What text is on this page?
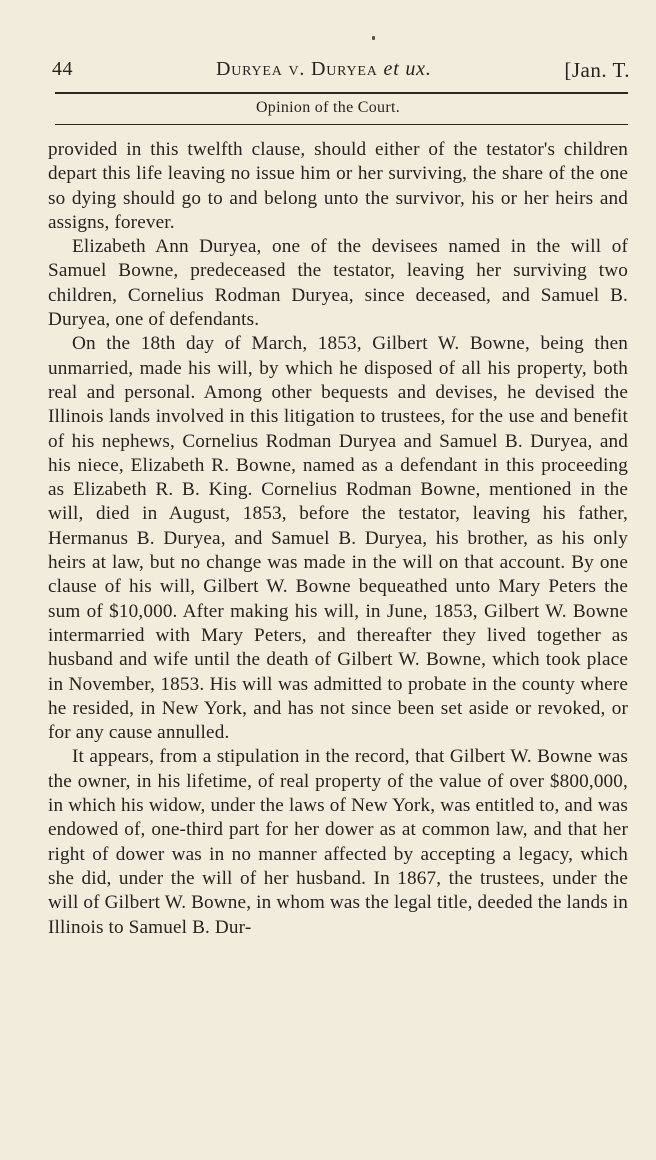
44	Duryea v. Duryea et ux.	[Jan. T.
Opinion of the Court.

provided in this twelfth clause, should either of the testator's children depart this life leaving no issue him or her surviving, the share of the one so dying should go to and belong unto the survivor, his or her heirs and assigns, forever.

Elizabeth Ann Duryea, one of the devisees named in the will of Samuel Bowne, predeceased the testator, leaving her surviving two children, Cornelius Rodman Duryea, since deceased, and Samuel B. Duryea, one of defendants.

On the 18th day of March, 1853, Gilbert W. Bowne, being then unmarried, made his will, by which he disposed of all his property, both real and personal. Among other bequests and devises, he devised the Illinois lands involved in this litigation to trustees, for the use and benefit of his nephews, Cornelius Rodman Duryea and Samuel B. Duryea, and his niece, Elizabeth R. Bowne, named as a defendant in this proceeding as Elizabeth R. B. King. Cornelius Rodman Bowne, mentioned in the will, died in August, 1853, before the testator, leaving his father, Hermanus B. Duryea, and Samuel B. Duryea, his brother, as his only heirs at law, but no change was made in the will on that account. By one clause of his will, Gilbert W. Bowne bequeathed unto Mary Peters the sum of $10,000. After making his will, in June, 1853, Gilbert W. Bowne intermarried with Mary Peters, and thereafter they lived together as husband and wife until the death of Gilbert W. Bowne, which took place in November, 1853. His will was admitted to probate in the county where he resided, in New York, and has not since been set aside or revoked, or for any cause annulled.

It appears, from a stipulation in the record, that Gilbert W. Bowne was the owner, in his lifetime, of real property of the value of over $800,000, in which his widow, under the laws of New York, was entitled to, and was endowed of, one-third part for her dower as at common law, and that her right of dower was in no manner affected by accepting a legacy, which she did, under the will of her husband. In 1867, the trustees, under the will of Gilbert W. Bowne, in whom was the legal title, deeded the lands in Illinois to Samuel B. Dur-
